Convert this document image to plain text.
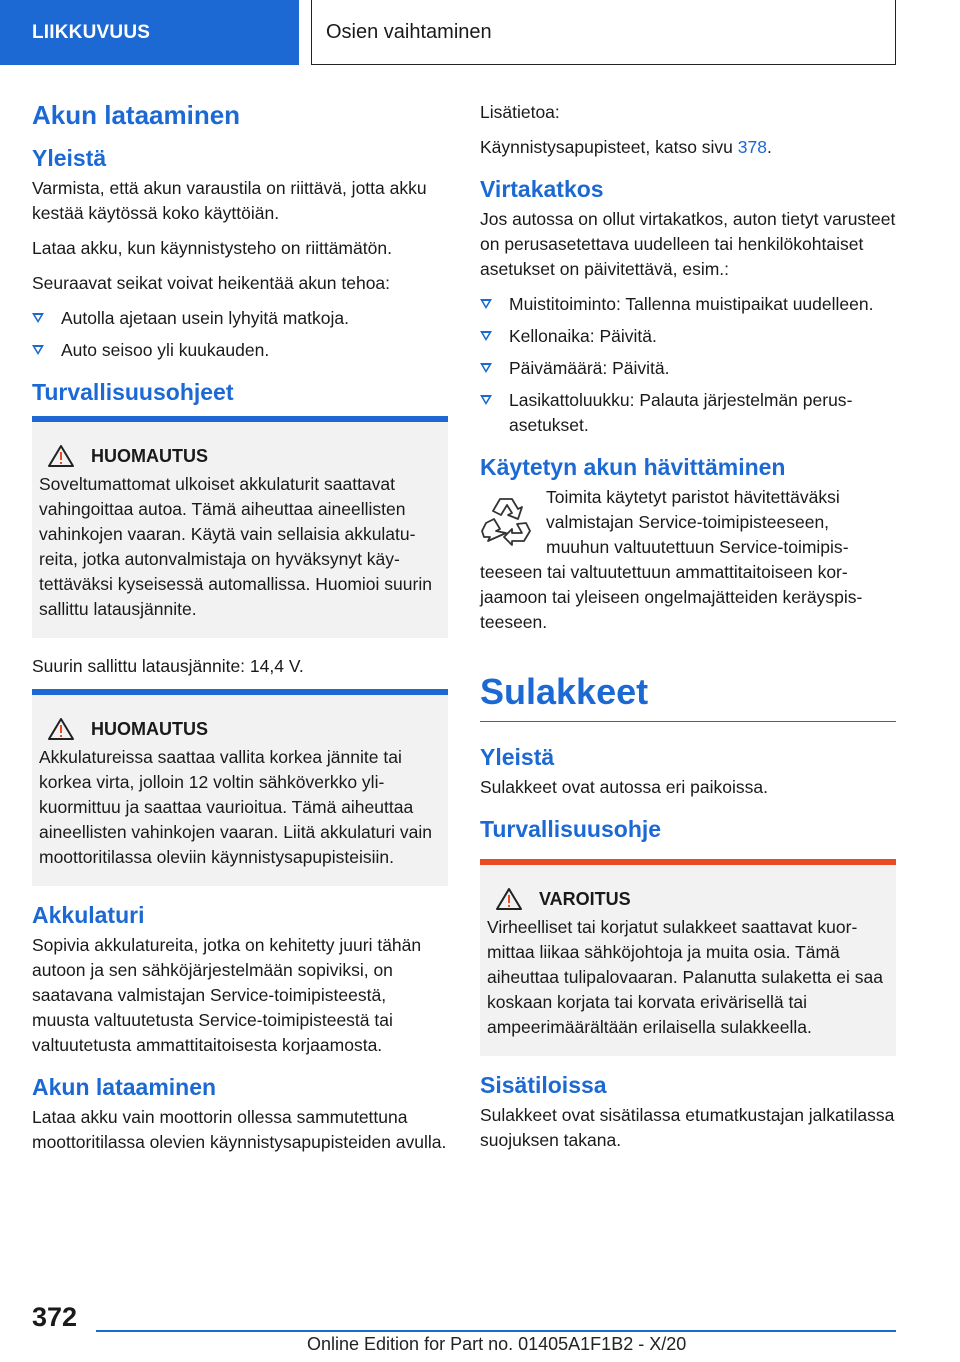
LIIKKUVUUS	Osien vaihtaminen
Akun lataaminen
Yleistä

Varmista, että akun varaustila on riittävä, jotta akku kestää käytössä koko käyttöiän.

Lataa akku, kun käynnistysteho on riittämätön.

Seuraavat seikat voivat heikentää akun tehoa:

Autolla ajetaan usein lyhyitä matkoja.
Auto seisoo yli kuukauden.
Turvallisuusohjeet
HUOMAUTUS

Soveltumattomat ulkoiset akkulaturit saattavat vahingoittaa autoa. Tämä aiheuttaa aineellisten vahinkojen vaaran. Käytä vain sellaisia akkulatureita, jotka autonvalmistaja on hyväksynyt käytettäväksi kyseisessä automallissa. Huomioi suurin sallittu latausjännite.

Suurin sallittu latausjännite: 14,4 V.

HUOMAUTUS

Akkulatureissa saattaa vallita korkea jännite tai korkea virta, jolloin 12 voltin sähköverkko ylikuormittuu ja saattaa vaurioitua. Tämä aiheuttaa aineellisten vahinkojen vaaran. Liitä akkulaturi vain moottoritilassa oleviin käynnistysapupisteisiin.

Akkulaturi

Sopivia akkulatureita, jotka on kehitetty juuri tähän autoon ja sen sähköjärjestelmään sopiviksi, on saatavana valmistajan Service-toimipisteestä, muusta valtuutetusta Service-toimipisteestä tai valtuutetusta ammattitaitoisesta korjaamosta.

Akun lataaminen

Lataa akku vain moottorin ollessa sammutettuna moottoritilassa olevien käynnistysapupisteiden avulla.

Lisätietoa:

Käynnistysapupisteet, katso sivu 378.

Virtakatkos

Jos autossa on ollut virtakatkos, auton tietyt varusteet on perusasetettava uudelleen tai henkilökohtaiset asetukset on päivitettävä, esim.:

Muistitoiminto: Tallenna muistipaikat uudelleen.
Kellonaika: Päivitä.
Päivämäärä: Päivitä.
Lasikattoluukku: Palauta järjestelmän perusasetukset.
Käytetyn akun hävittäminen

Toimita käytetyt paristot hävitettäväksi valmistajan Service-toimipisteeseen, muuhun valtuutettuun Service-toimipisteeseen tai valtuutettuun ammattitaitoiseen korjaamoon tai yleiseen ongelmajätteiden keräyspisteeseen.

Sulakkeet
Yleistä

Sulakkeet ovat autossa eri paikoissa.

Turvallisuusohje
VAROITUS

Virheelliset tai korjatut sulakkeet saattavat kuormittaa liikaa sähköjohtoja ja muita osia. Tämä aiheuttaa tulipalovaaran. Palanutta sulaketta ei saa koskaan korjata tai korvata erivärisellä tai ampeerimäärältään erilaisella sulakkeella.

Sisätiloissa

Sulakkeet ovat sisätilassa etumatkustajan jalkatilassa suojuksen takana.

372
Online Edition for Part no. 01405A1F1B2 - X/20
